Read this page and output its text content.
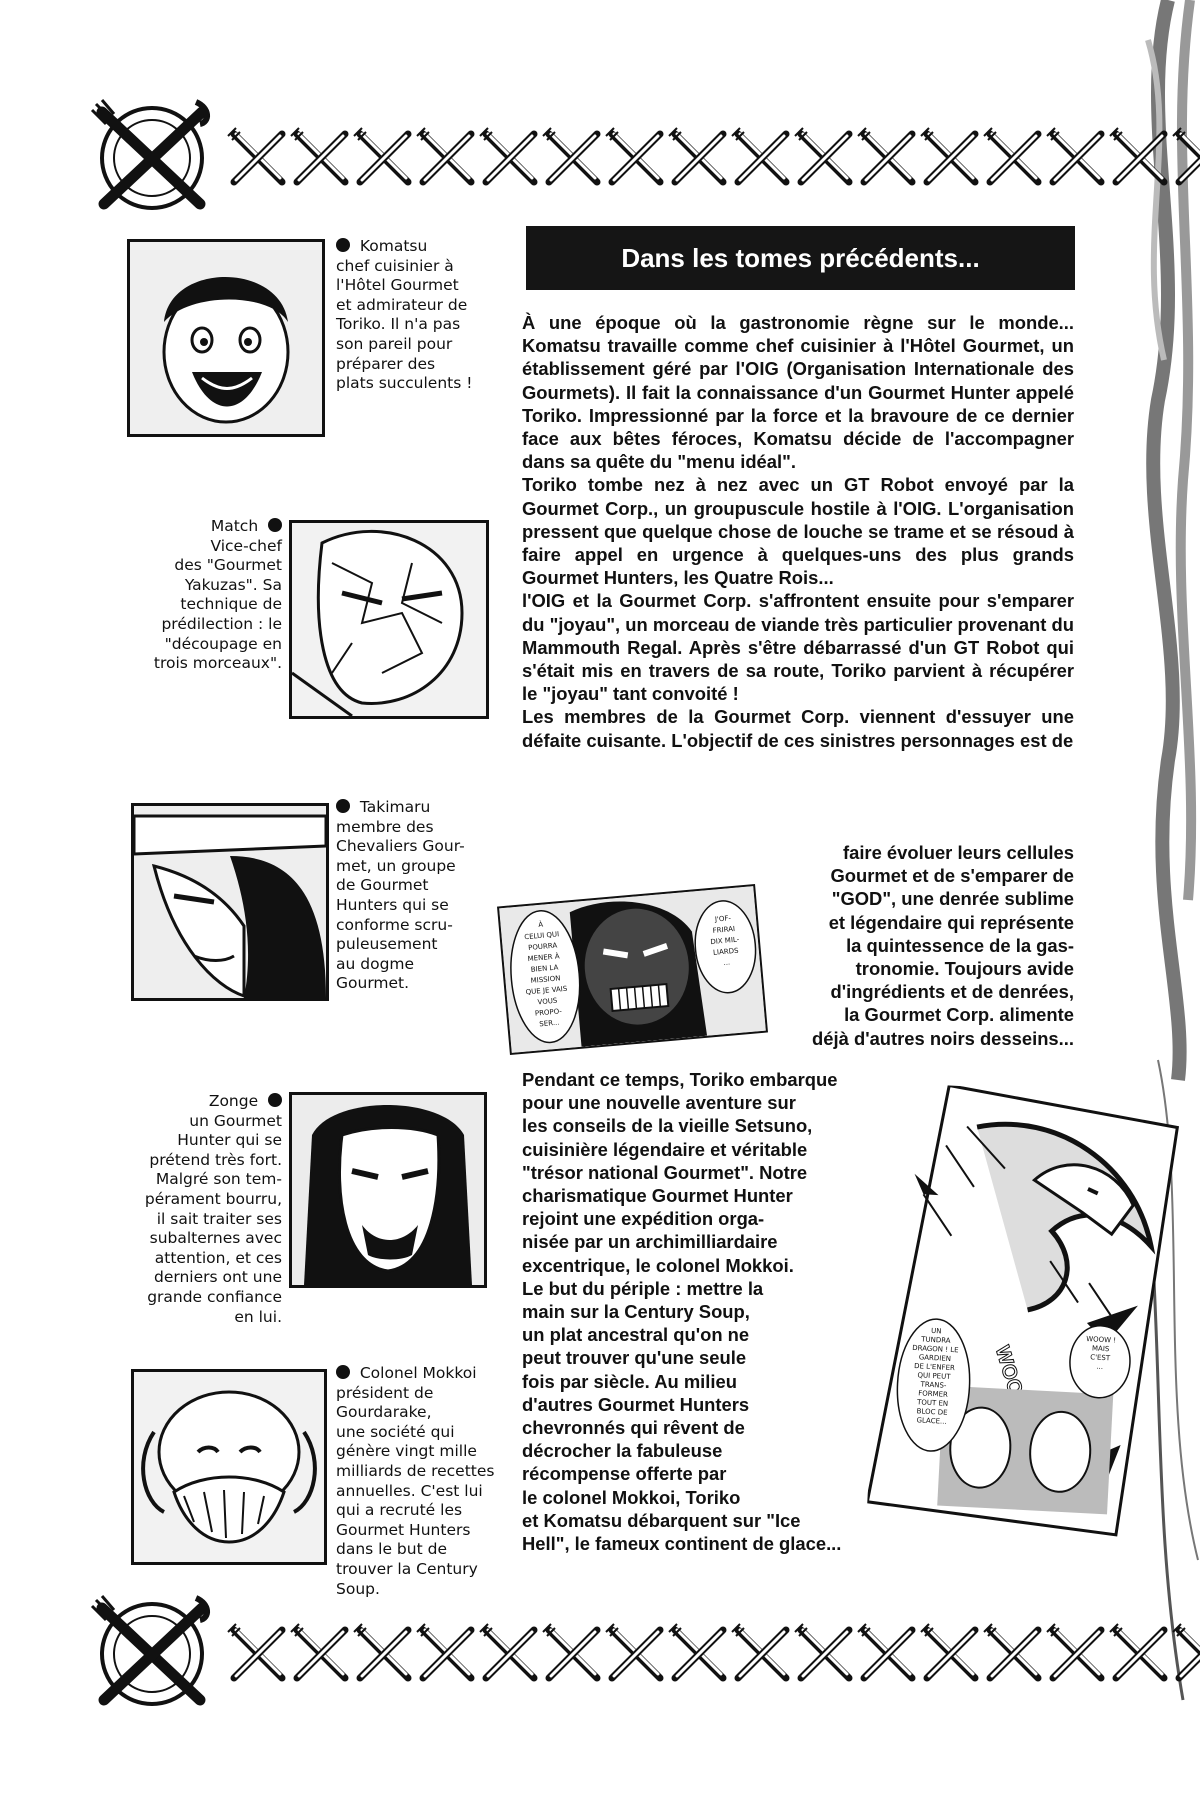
Komatsu
chef cuisinier à
l'Hôtel Gourmet
et admirateur de
Toriko. Il n'a pas
son pareil pour
préparer des
plats succulents !
Match
Vice-chef
des "Gourmet
Yakuzas". Sa
technique de
prédilection : le
"découpage en
trois morceaux".
Takimaru
membre des
Chevaliers Gour-
met, un groupe
de Gourmet
Hunters qui se
conforme scru-
puleusement
au dogme
Gourmet.
Zonge
un Gourmet
Hunter qui se
prétend très fort.
Malgré son tem-
pérament bourru,
il sait traiter ses
subalternes avec
attention, et ces
derniers ont une
grande confiance
en lui.
Colonel Mokkoi
président de
Gourdarake,
une société qui
génère vingt mille
milliards de recettes
annuelles. C'est lui
qui a recruté les
Gourmet Hunters
dans le but de
trouver la Century
Soup.
Dans les tomes précédents...

À une époque où la gastronomie règne sur le monde... Komatsu travaille comme chef cuisinier à l'Hôtel Gourmet, un établissement géré par l'OIG (Organisation Internationale des Gourmets). Il fait la connaissance d'un Gourmet Hunter appelé Toriko. Impressionné par la force et la bravoure de ce dernier face aux bêtes féroces, Komatsu décide de l'accompagner dans sa quête du "menu idéal".

Toriko tombe nez à nez avec un GT Robot envoyé par la Gourmet Corp., un groupuscule hostile à l'OIG. L'organisation pressent que quelque chose de louche se trame et se résoud à faire appel en urgence à quelques-uns des plus grands Gourmet Hunters, les Quatre Rois...

l'OIG et la Gourmet Corp. s'affrontent ensuite pour s'emparer du "joyau", un morceau de viande très particulier provenant du Mammouth Regal. Après s'être débarrassé d'un GT Robot qui s'était mis en travers de sa route, Toriko parvient à récupérer le "joyau" tant convoité !

Les membres de la Gourmet Corp. viennent d'essuyer une défaite cuisante. L'objectif de ces sinistres personnages est de

faire évoluer leurs cellules

Gourmet et de s'emparer de

"GOD", une denrée sublime

et légendaire qui représente

la quintessence de la gas-

tronomie. Toujours avide

d'ingrédients et de denrées,

la Gourmet Corp. alimente

déjà d'autres noirs desseins...

ÀCELUI QUIPOURRAMENER ÀBIEN LAMISSIONQUE JE VAISVOUSPROPO-SER...
J'OF-FRIRAIDIX MIL-LIARDS...

Pendant ce temps, Toriko embarque

pour une nouvelle aventure sur

les conseils de la vieille Setsuno,

cuisinière légendaire et véritable

"trésor national Gourmet". Notre

charismatique Gourmet Hunter

rejoint une expédition orga-

nisée par un archimilliardaire

excentrique, le colonel Mokkoi.

Le but du périple : mettre la

main sur la Century Soup,

un plat ancestral qu'on ne

peut trouver qu'une seule

fois par siècle. Au milieu

d'autres Gourmet Hunters

chevronnés qui rêvent de

décrocher la fabuleuse

récompense offerte par

le colonel Mokkoi, Toriko

et Komatsu débarquent sur "Ice

Hell", le fameux continent de glace...

UNTUNDRADRAGON ! LEGARDIENDE L'ENFERQUI PEUTTRANS-FORMERTOUT ENBLOC DEGLACE...
WOOW !MAISC'EST...
